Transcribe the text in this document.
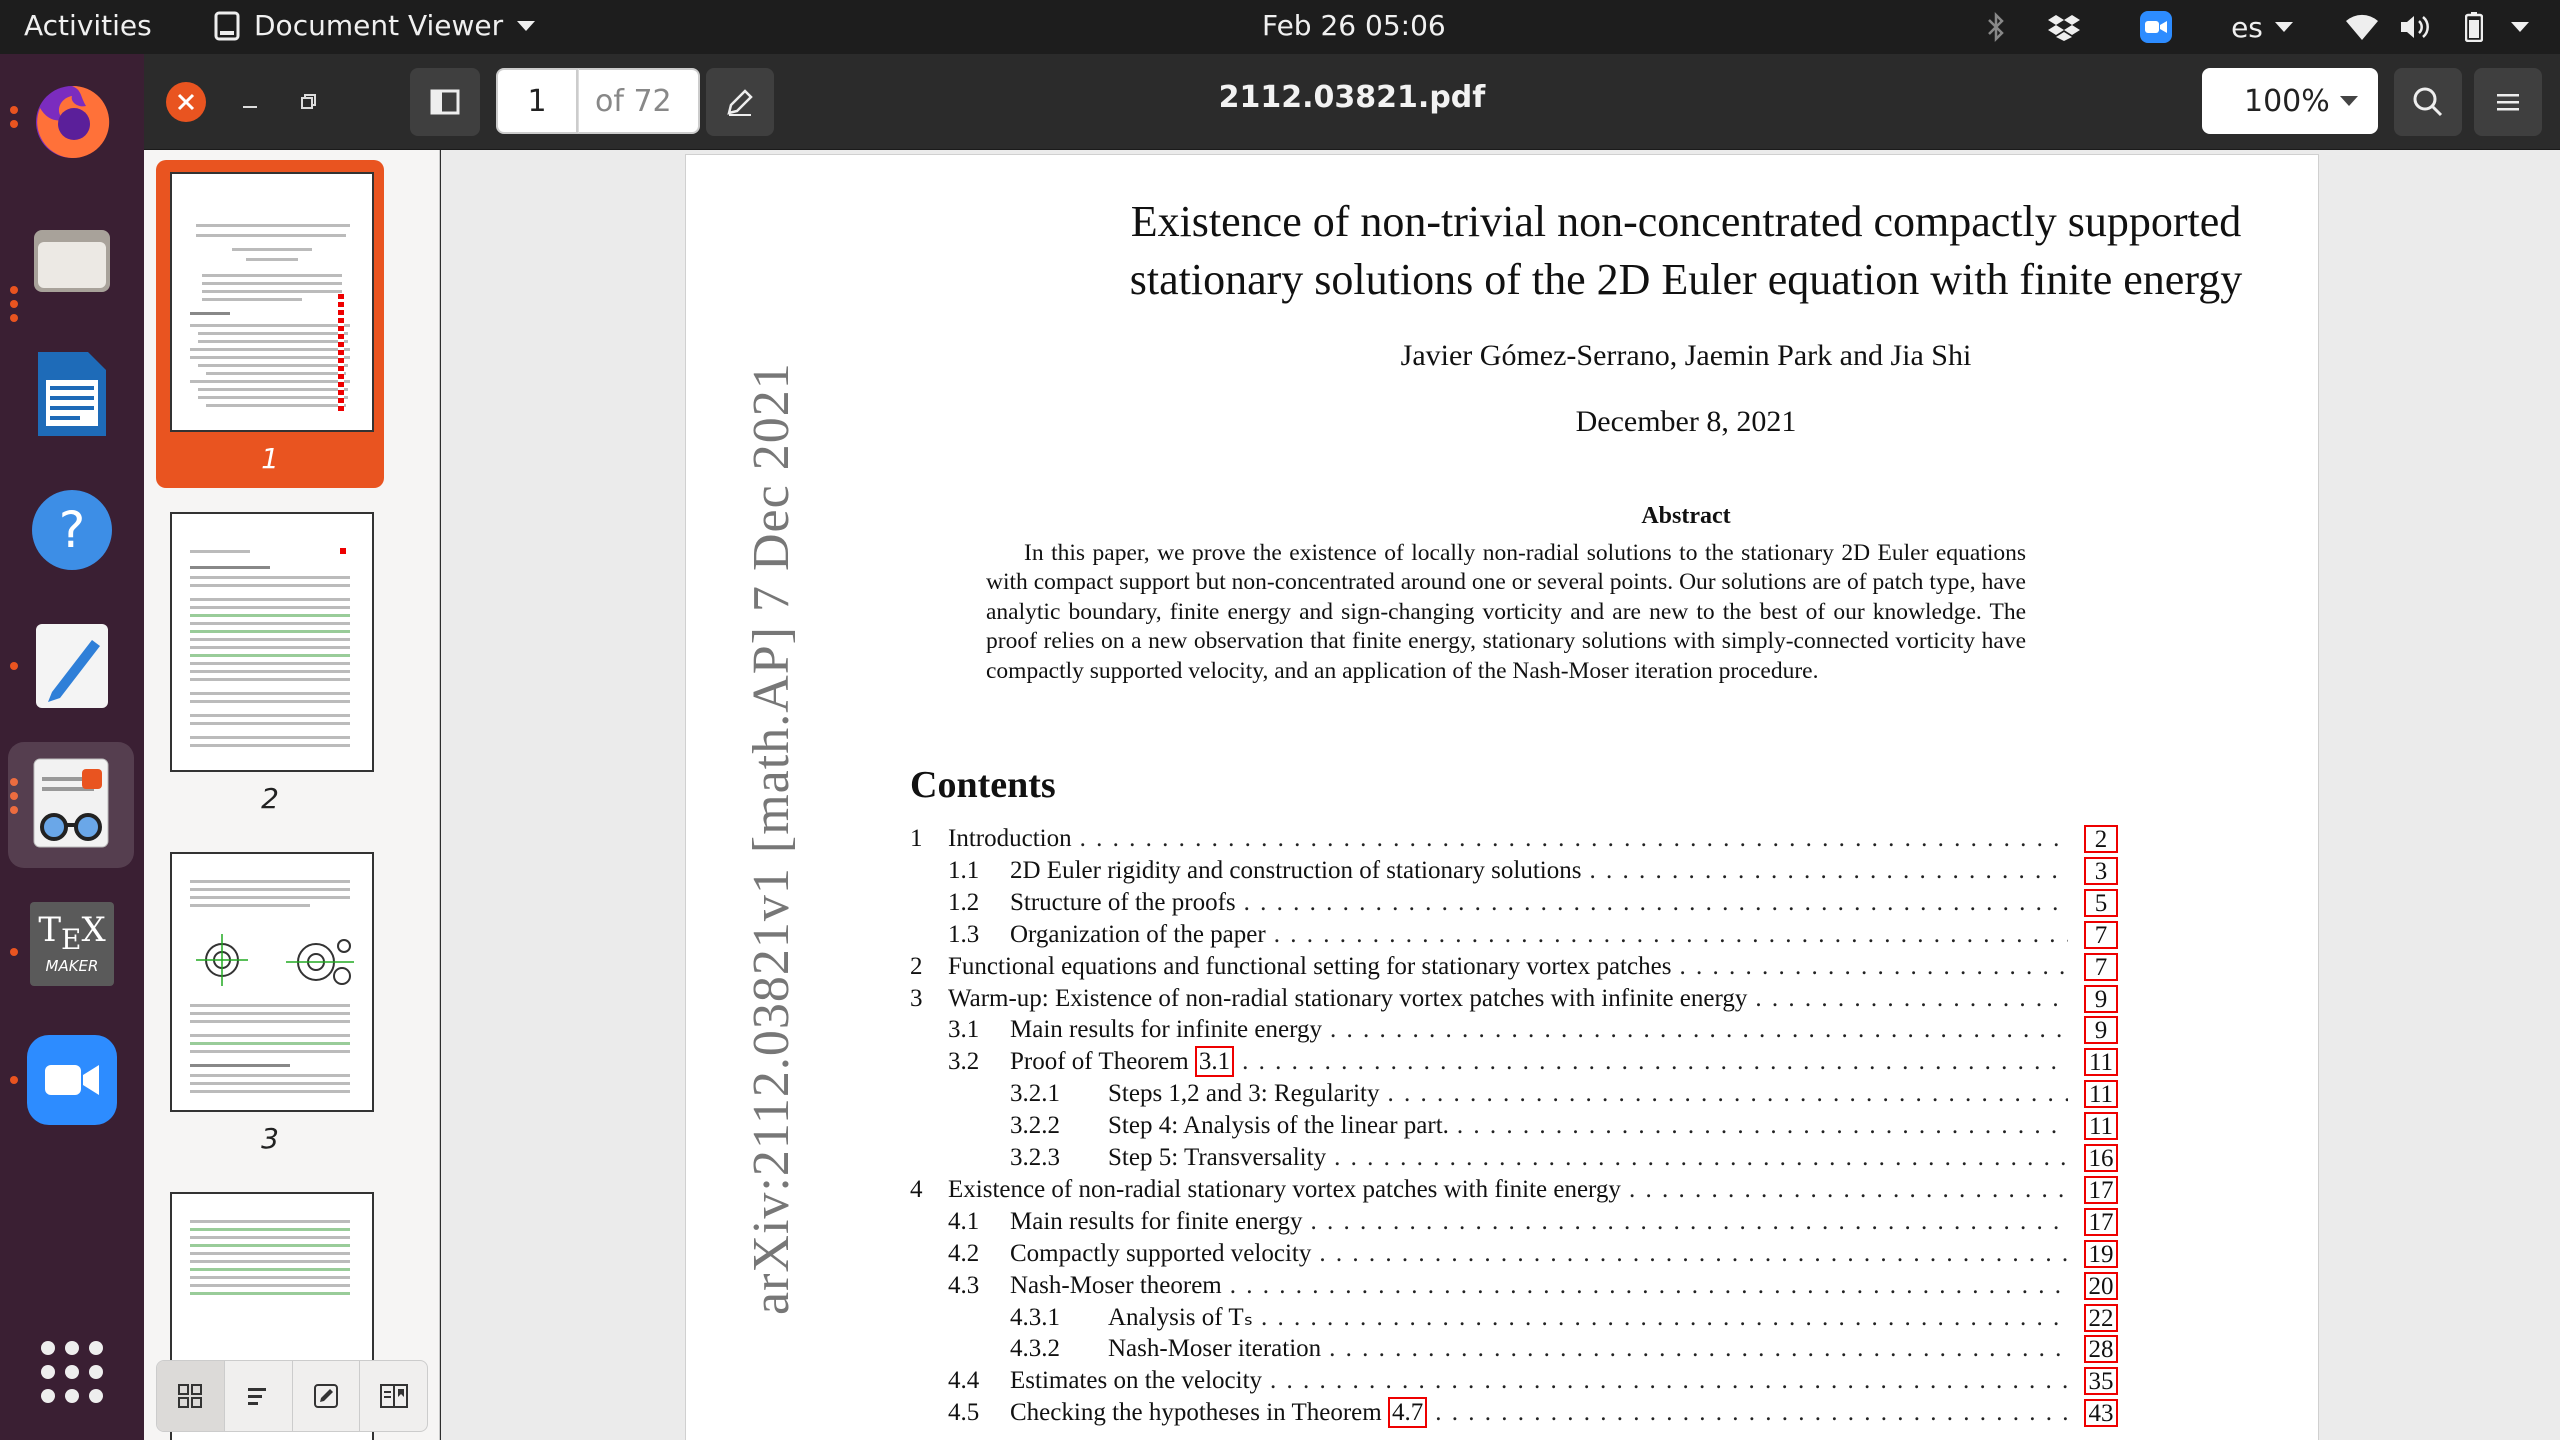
Activities	Document Viewer	Feb 26 05:06	es
?
$T_EX$
MAKER
1	of 72	2112.03821.pdf	100%
1
2
3	arXiv:2112.03821v1 [math.AP] 7 Dec 2021
Existence of non-trivial non-concentrated compactly supported
stationary solutions of the 2D Euler equation with finite energy
Javier Gómez-Serrano, Jaemin Park and Jia Shi
December 8, 2021
Abstract
In this paper, we prove the existence of locally non-radial solutions to the stationary 2D Euler equations with compact support but non-concentrated around one or several points. Our solutions are of patch type, have analytic boundary, finite energy and sign-changing vorticity and are new to the best of our knowledge. The proof relies on a new observation that finite energy, stationary solutions with simply-connected vorticity have compactly supported velocity, and an application of the Nash-Moser iteration procedure.
Contents
1	Introduction . . .	2
1.1	2D Euler rigidity and construction of stationary solutions . . .	3
1.2	Structure of the proofs . . .	5
1.3	Organization of the paper . . .	7
2	Functional equations and functional setting for stationary vortex patches . . .	7
3	Warm-up: Existence of non-radial stationary vortex patches with infinite energy . . .	9
3.1	Main results for infinite energy . . .	9
3.2	Proof of Theorem 3.1 . . .	11
3.2.1	Steps 1,2 and 3: Regularity . . .	11
3.2.2	Step 4: Analysis of the linear part. . . .	11
3.2.3	Step 5: Transversality . . .	16
4	Existence of non-radial stationary vortex patches with finite energy . . .	17
4.1	Main results for finite energy . . .	17
4.2	Compactly supported velocity . . .	19
4.3	Nash-Moser theorem . . .	20
4.3.1	Analysis of Tₛ . . .	22
4.3.2	Nash-Moser iteration . . .	28
4.4	Estimates on the velocity . . .	35
4.5	Checking the hypotheses in Theorem 4.7 . . .	43
